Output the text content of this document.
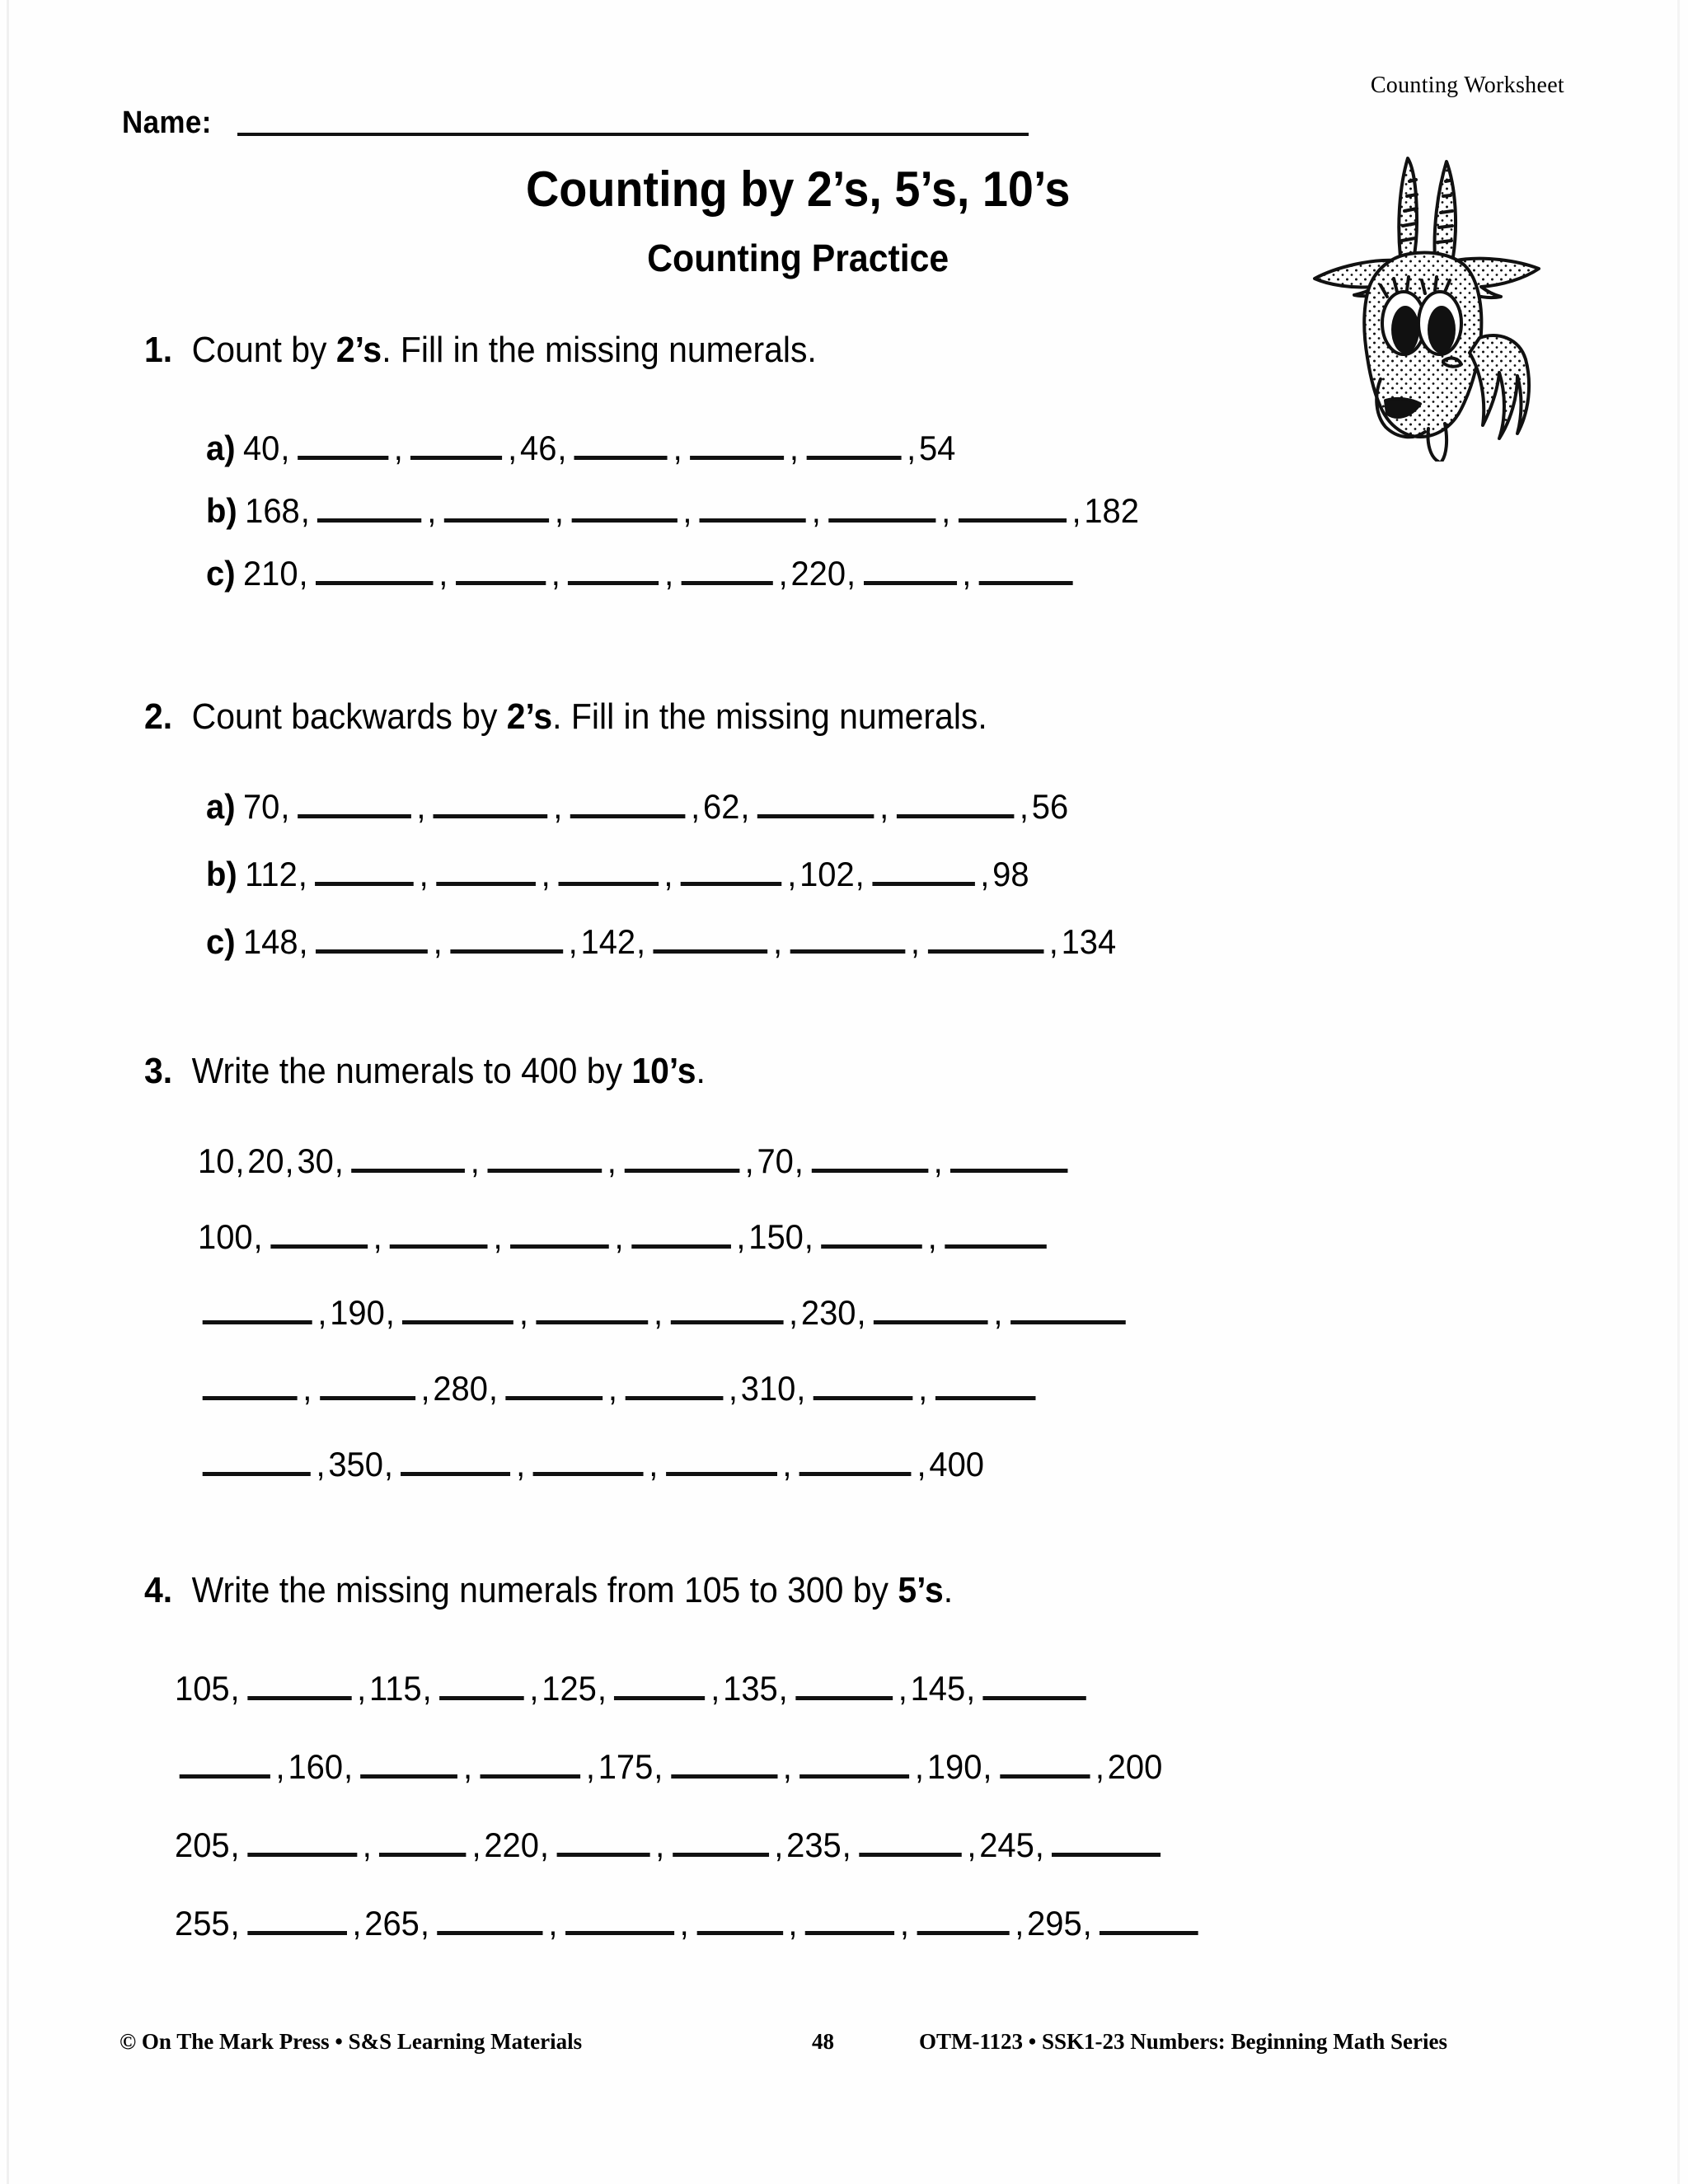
Counting Worksheet
Name:
Counting by 2’s, 5’s, 10’s
Counting Practice
1. Count by 2’s. Fill in the missing numerals.
a) 40 ,	,	, 46 ,	,	,	, 54
b) 168 ,	,	,	,	,	,	, 182
c) 210 ,	,	,	,	, 220 ,	,
2. Count backwards by 2’s. Fill in the missing numerals.
a) 70 ,	,	,	, 62 ,	,	, 56
b) 112 ,	,	,	,	, 102 ,	, 98
c) 148 ,	,	, 142 ,	,	,	, 134
3. Write the numerals to 400 by 10’s.
10 , 20 , 30 ,	,	,	, 70 ,	,
100 ,	,	,	,	, 150 ,	,
, 190 ,	,	,	, 230 ,	,
,	, 280 ,	,	, 310 ,	,
, 350 ,	,	,	,	, 400
4. Write the missing numerals from 105 to 300 by 5’s.
105 ,	, 115 ,	, 125 ,	, 135 ,	, 145 ,
, 160 ,	,	, 175 ,	,	, 190 ,	, 200
205 ,	,	, 220 ,	,	, 235 ,	, 245 ,
255 ,	, 265 ,	,	,	,	,	, 295 ,
© On The Mark Press • S&S Learning Materials	48	OTM-1123 • SSK1-23 Numbers: Beginning Math Series
